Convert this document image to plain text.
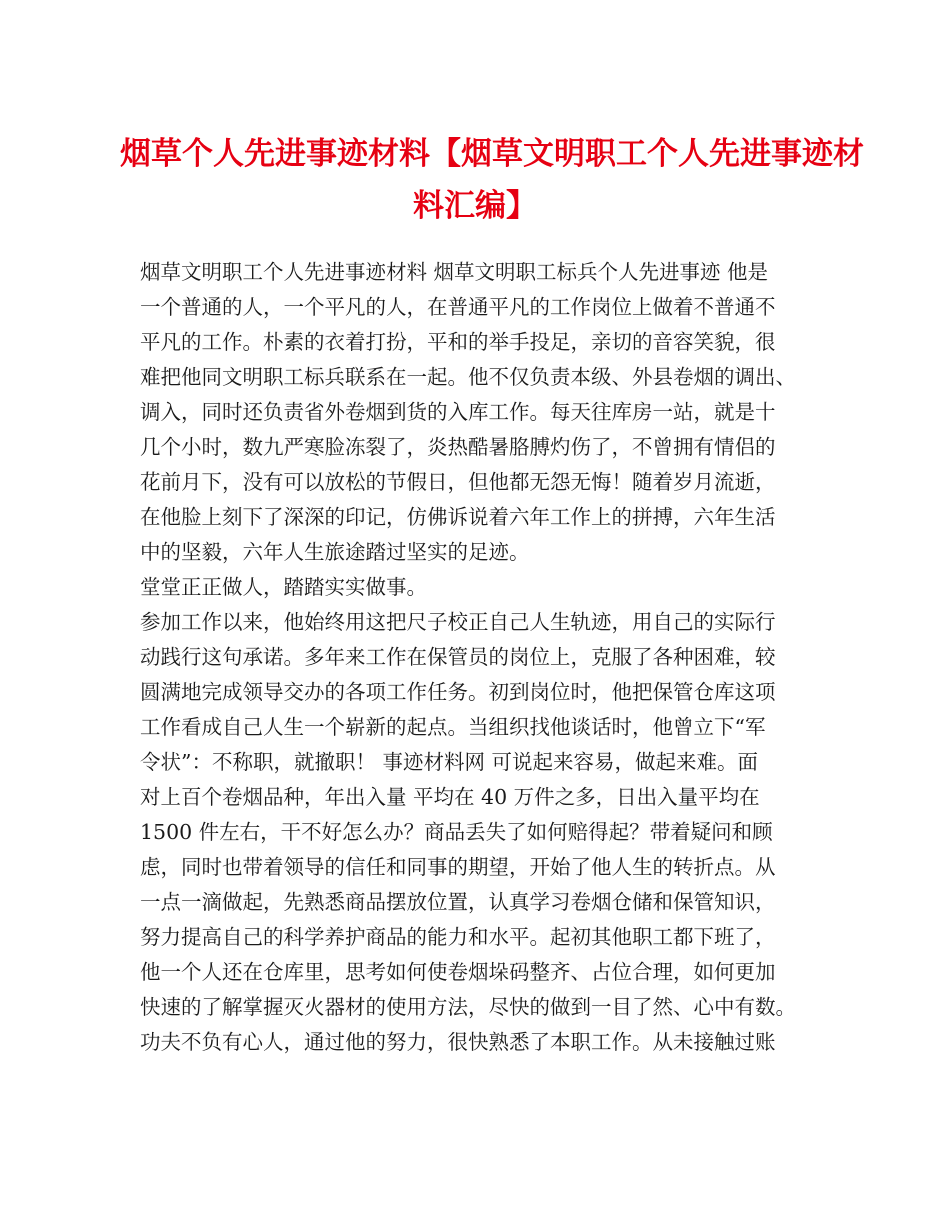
烟草个人先进事迹材料【烟草文明职工个人先进事迹材
料汇编】
烟草文明职工个人先进事迹材料 烟草文明职工标兵个人先进事迹 他是
一个普通的人，一个平凡的人，在普通平凡的工作岗位上做着不普通不
平凡的工作。朴素的衣着打扮，平和的举手投足，亲切的音容笑貌，很
难把他同文明职工标兵联系在一起。他不仅负责本级、外县卷烟的调出、
调入，同时还负责省外卷烟到货的入库工作。每天往库房一站，就是十
几个小时，数九严寒脸冻裂了，炎热酷暑胳膊灼伤了，不曾拥有情侣的
花前月下，没有可以放松的节假日，但他都无怨无悔！随着岁月流逝，
在他脸上刻下了深深的印记，仿佛诉说着六年工作上的拼搏，六年生活
中的坚毅，六年人生旅途踏过坚实的足迹。
堂堂正正做人，踏踏实实做事。
参加工作以来，他始终用这把尺子校正自己人生轨迹，用自己的实际行
动践行这句承诺。多年来工作在保管员的岗位上，克服了各种困难，较
圆满地完成领导交办的各项工作任务。初到岗位时，他把保管仓库这项
工作看成自己人生一个崭新的起点。当组织找他谈话时，他曾立下“军
令状”：不称职，就撤职！ 事迹材料网 可说起来容易，做起来难。面
对上百个卷烟品种，年出入量 平均在 40 万件之多，日出入量平均在
1500 件左右，干不好怎么办？商品丢失了如何赔得起？带着疑问和顾
虑，同时也带着领导的信任和同事的期望，开始了他人生的转折点。从
一点一滴做起，先熟悉商品摆放位置，认真学习卷烟仓储和保管知识，
努力提高自己的科学养护商品的能力和水平。起初其他职工都下班了，
他一个人还在仓库里，思考如何使卷烟垛码整齐、占位合理，如何更加
快速的了解掌握灭火器材的使用方法，尽快的做到一目了然、心中有数。
功夫不负有心人，通过他的努力，很快熟悉了本职工作。从未接触过账
